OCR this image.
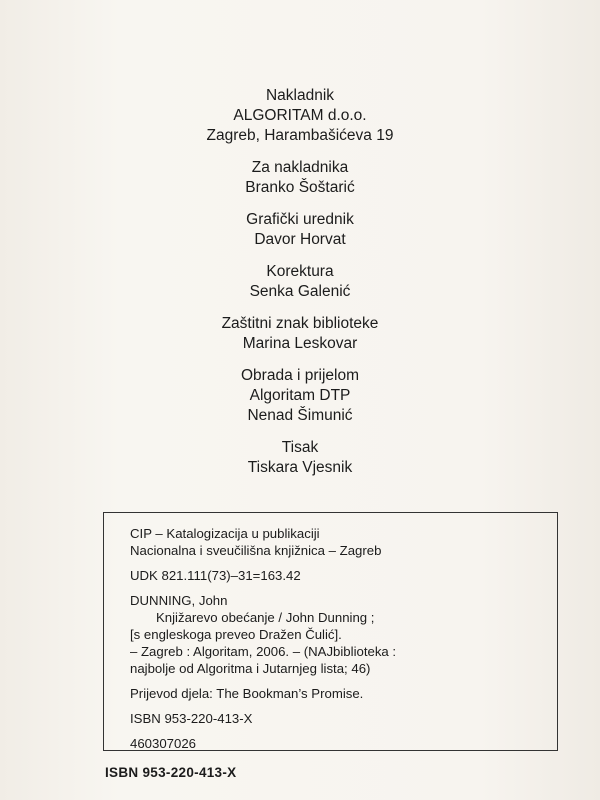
Nakladnik
ALGORITAM d.o.o.
Zagreb, Harambašićeva 19
Za nakladnika
Branko Šoštarić
Grafički urednik
Davor Horvat
Korektura
Senka Galenić
Zaštitni znak biblioteke
Marina Leskovar
Obrada i prijelom
Algoritam DTP
Nenad Šimunić
Tisak
Tiskara Vjesnik
CIP – Katalogizacija u publikaciji
Nacionalna i sveučilišna knjižnica – Zagreb
UDK 821.111(73)–31=163.42
DUNNING, John
Knjižarevo obećanje / John Dunning ;
[s engleskoga preveo Dražen Čulić].
– Zagreb : Algoritam, 2006. – (NAJbiblioteka :
najbolje od Algoritma i Jutarnjeg lista; 46)
Prijevod djela: The Bookman’s Promise.
ISBN 953-220-413-X
460307026
ISBN 953-220-413-X
